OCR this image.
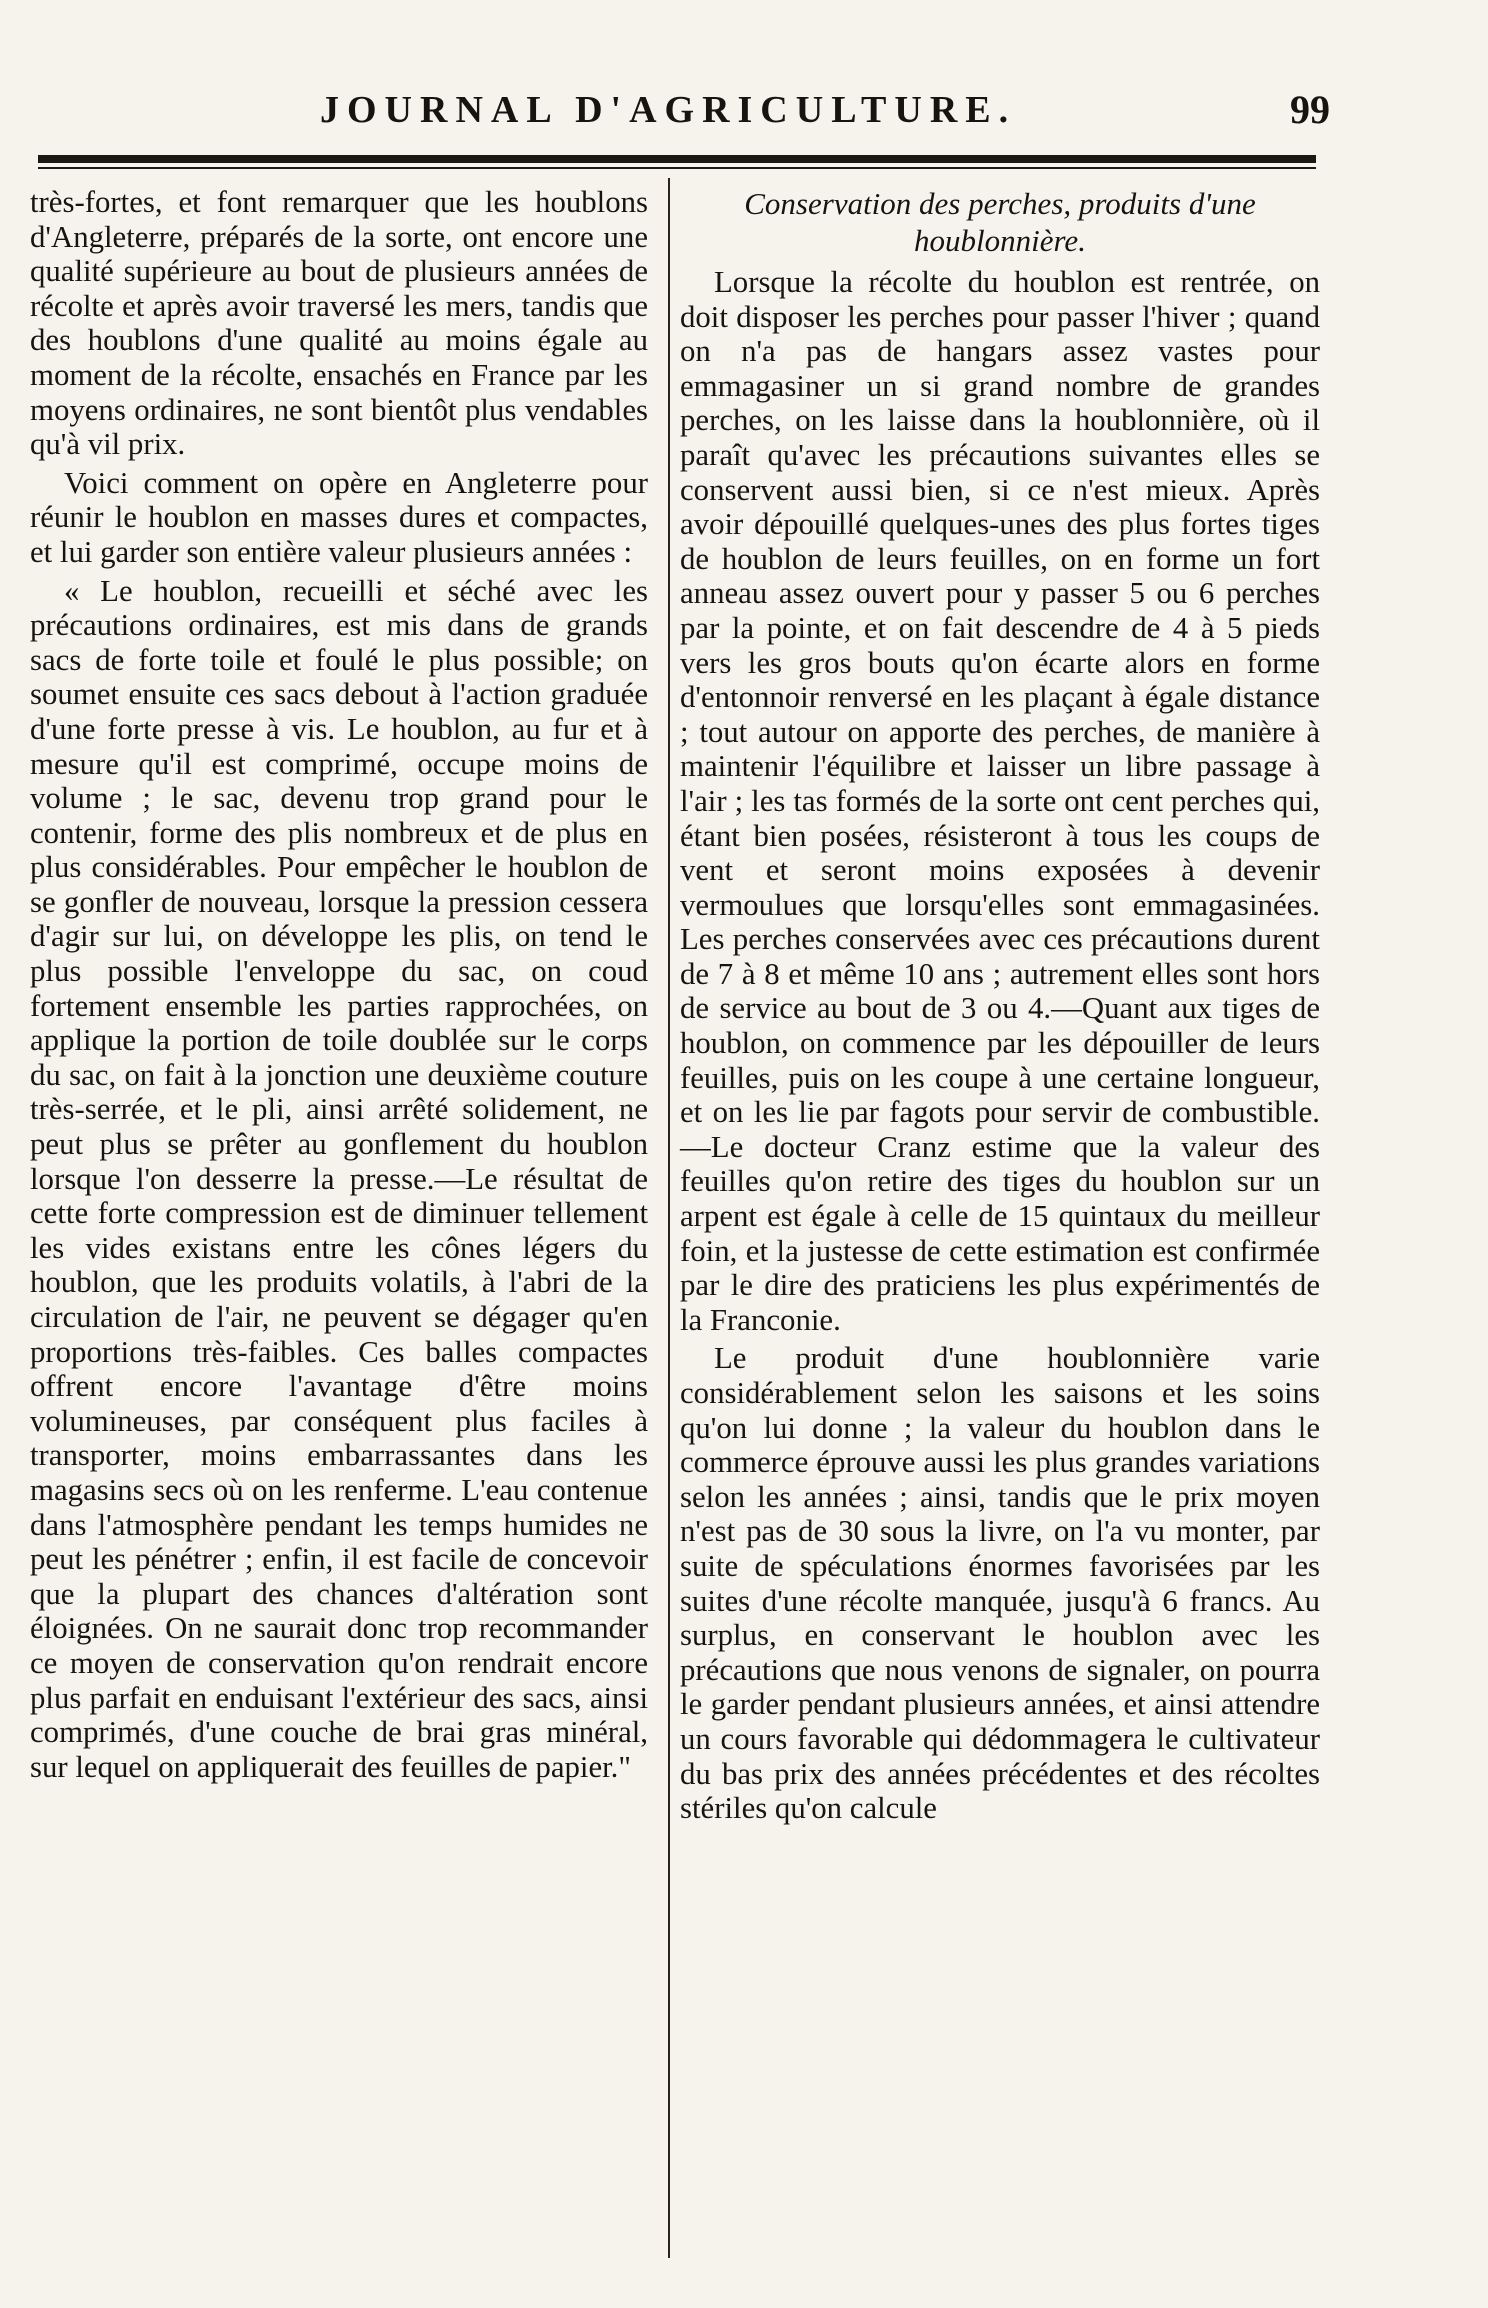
JOURNAL D'AGRICULTURE.	99

très-fortes, et font remarquer que les houblons d'Angleterre, préparés de la sorte, ont encore une qualité supérieure au bout de plusieurs années de récolte et après avoir traversé les mers, tandis que des houblons d'une qualité au moins égale au moment de la récolte, ensachés en France par les moyens ordinaires, ne sont bientôt plus vendables qu'à vil prix.

Voici comment on opère en Angleterre pour réunir le houblon en masses dures et compactes, et lui garder son entière valeur plusieurs années :

« Le houblon, recueilli et séché avec les précautions ordinaires, est mis dans de grands sacs de forte toile et foulé le plus possible; on soumet ensuite ces sacs debout à l'action graduée d'une forte presse à vis. Le houblon, au fur et à mesure qu'il est comprimé, occupe moins de volume ; le sac, devenu trop grand pour le contenir, forme des plis nombreux et de plus en plus considérables. Pour empêcher le houblon de se gonfler de nouveau, lorsque la pression cessera d'agir sur lui, on développe les plis, on tend le plus possible l'enveloppe du sac, on coud fortement ensemble les parties rapprochées, on applique la portion de toile doublée sur le corps du sac, on fait à la jonction une deuxième couture très-serrée, et le pli, ainsi arrêté solidement, ne peut plus se prêter au gonflement du houblon lorsque l'on desserre la presse.—Le résultat de cette forte compression est de diminuer tellement les vides existans entre les cônes légers du houblon, que les produits volatils, à l'abri de la circulation de l'air, ne peuvent se dégager qu'en proportions très-faibles. Ces balles compactes offrent encore l'avantage d'être moins volumineuses, par conséquent plus faciles à transporter, moins embarrassantes dans les magasins secs où on les renferme. L'eau contenue dans l'atmosphère pendant les temps humides ne peut les pénétrer ; enfin, il est facile de concevoir que la plupart des chances d'altération sont éloignées. On ne saurait donc trop recommander ce moyen de conservation qu'on rendrait encore plus parfait en enduisant l'extérieur des sacs, ainsi comprimés, d'une couche de brai gras minéral, sur lequel on appliquerait des feuilles de papier."

Conservation des perches, produits d'une houblonnière.

Lorsque la récolte du houblon est rentrée, on doit disposer les perches pour passer l'hiver ; quand on n'a pas de hangars assez vastes pour emmagasiner un si grand nombre de grandes perches, on les laisse dans la houblonnière, où il paraît qu'avec les précautions suivantes elles se conservent aussi bien, si ce n'est mieux. Après avoir dépouillé quelques-unes des plus fortes tiges de houblon de leurs feuilles, on en forme un fort anneau assez ouvert pour y passer 5 ou 6 perches par la pointe, et on fait descendre de 4 à 5 pieds vers les gros bouts qu'on écarte alors en forme d'entonnoir renversé en les plaçant à égale distance ; tout autour on apporte des perches, de manière à maintenir l'équilibre et laisser un libre passage à l'air ; les tas formés de la sorte ont cent perches qui, étant bien posées, résisteront à tous les coups de vent et seront moins exposées à devenir vermoulues que lorsqu'elles sont emmagasinées. Les perches conservées avec ces précautions durent de 7 à 8 et même 10 ans ; autrement elles sont hors de service au bout de 3 ou 4.—Quant aux tiges de houblon, on commence par les dépouiller de leurs feuilles, puis on les coupe à une certaine longueur, et on les lie par fagots pour servir de combustible.—Le docteur Cranz estime que la valeur des feuilles qu'on retire des tiges du houblon sur un arpent est égale à celle de 15 quintaux du meilleur foin, et la justesse de cette estimation est confirmée par le dire des praticiens les plus expérimentés de la Franconie.

Le produit d'une houblonnière varie considérablement selon les saisons et les soins qu'on lui donne ; la valeur du houblon dans le commerce éprouve aussi les plus grandes variations selon les années ; ainsi, tandis que le prix moyen n'est pas de 30 sous la livre, on l'a vu monter, par suite de spéculations énormes favorisées par les suites d'une récolte manquée, jusqu'à 6 francs. Au surplus, en conservant le houblon avec les précautions que nous venons de signaler, on pourra le garder pendant plusieurs années, et ainsi attendre un cours favorable qui dédommagera le cultivateur du bas prix des années précédentes et des récoltes stériles qu'on calcule
